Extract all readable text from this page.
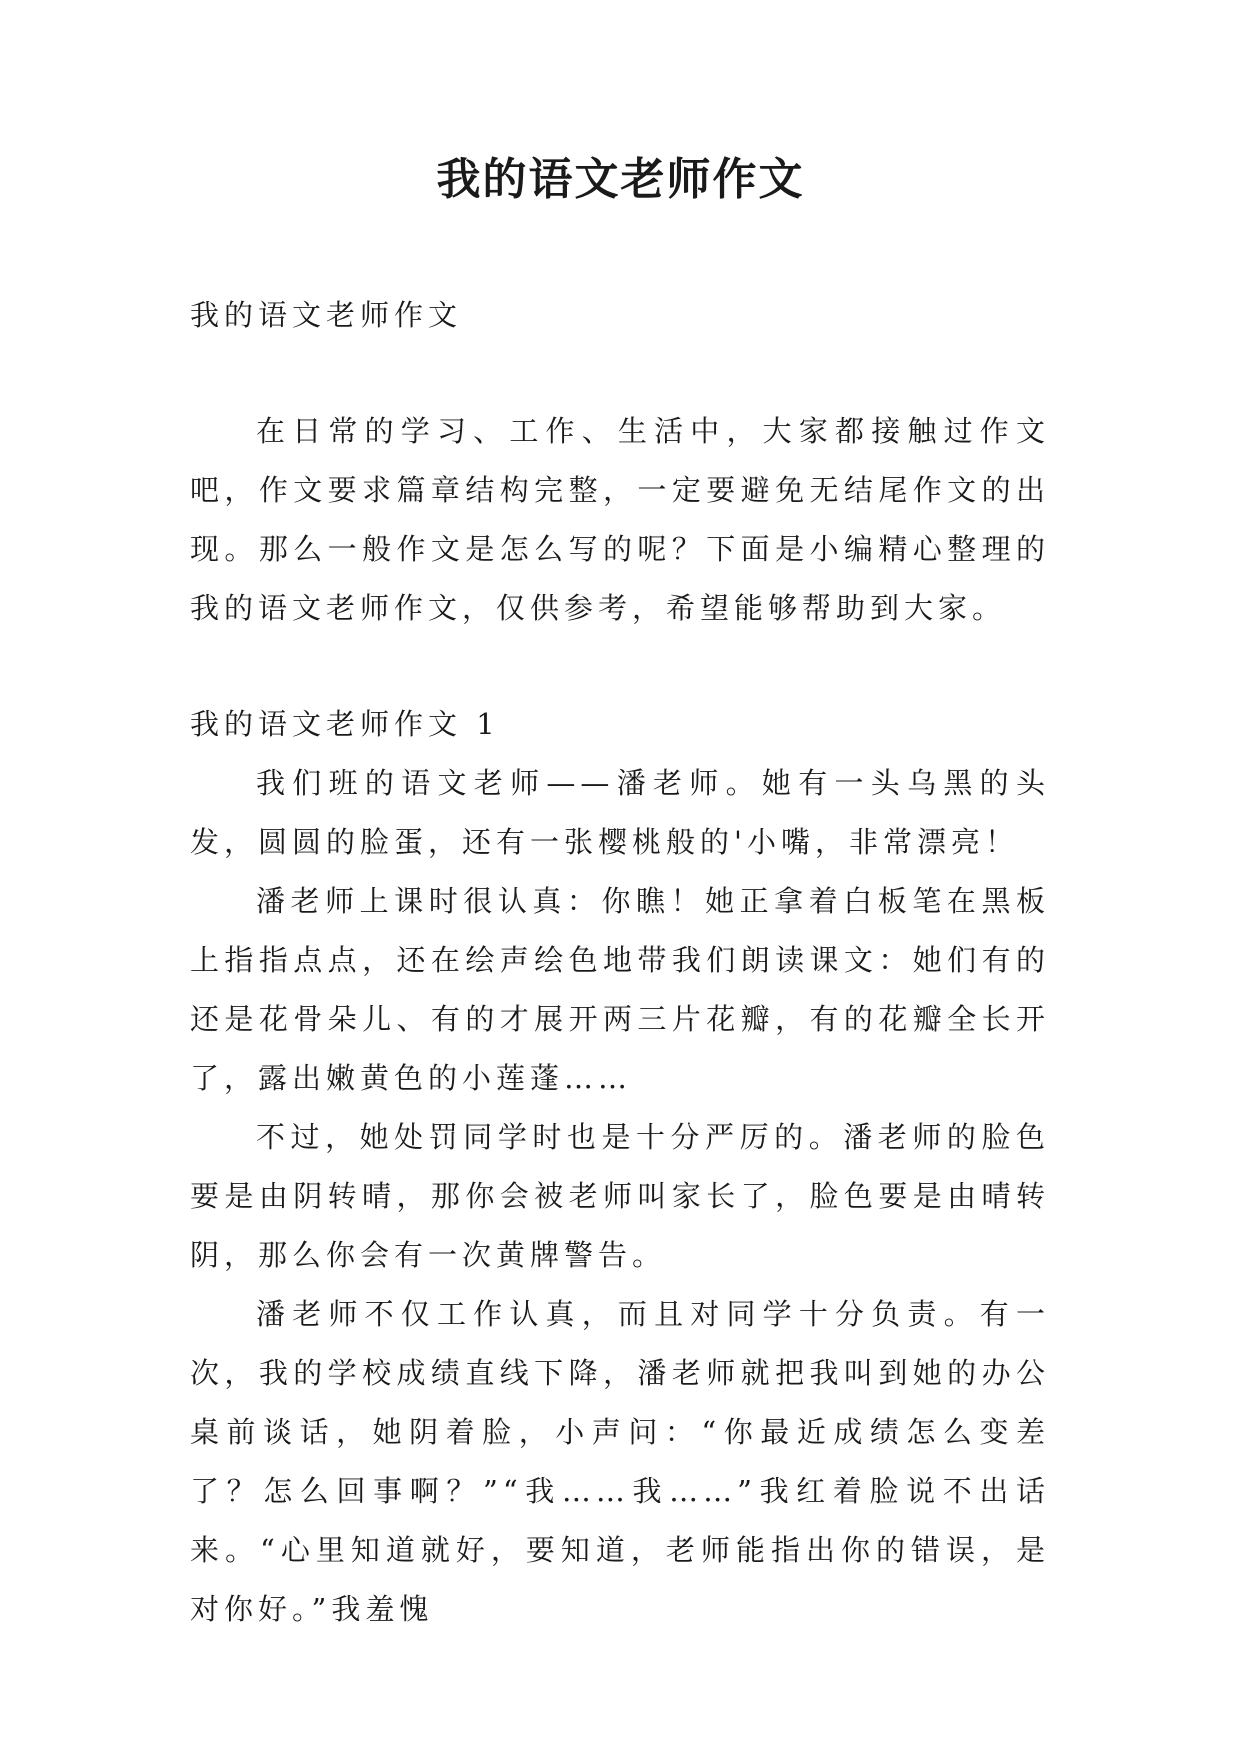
我的语文老师作文

我的语文老师作文

在日常的学习、工作、生活中，大家都接触过作文吧，作文要求篇章结构完整，一定要避免无结尾作文的出现。那么一般作文是怎么写的呢？下面是小编精心整理的我的语文老师作文，仅供参考，希望能够帮助到大家。

我的语文老师作文 1

我们班的语文老师——潘老师。她有一头乌黑的头发，圆圆的脸蛋，还有一张樱桃般的'小嘴，非常漂亮！

潘老师上课时很认真：你瞧！她正拿着白板笔在黑板上指指点点，还在绘声绘色地带我们朗读课文：她们有的还是花骨朵儿、有的才展开两三片花瓣，有的花瓣全长开了，露出嫩黄色的小莲蓬……

不过，她处罚同学时也是十分严厉的。潘老师的脸色要是由阴转晴，那你会被老师叫家长了，脸色要是由晴转阴，那么你会有一次黄牌警告。

潘老师不仅工作认真，而且对同学十分负责。有一次，我的学校成绩直线下降，潘老师就把我叫到她的办公桌前谈话，她阴着脸，小声问：“你最近成绩怎么变差了？怎么回事啊？”“我……我……”我红着脸说不出话来。“心里知道就好，要知道，老师能指出你的错误，是对你好。”我羞愧
